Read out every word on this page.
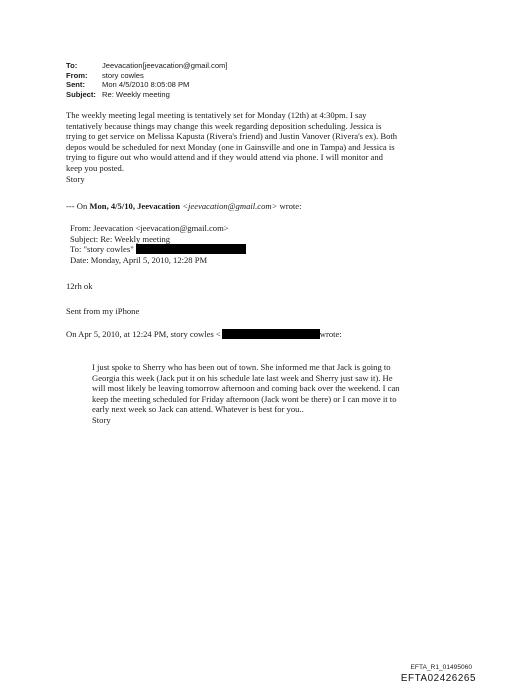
To:	Jeevacation[jeevacation@gmail.com]
From:	story cowles
Sent:	Mon 4/5/2010 8:05:08 PM
Subject: Re: Weekly meeting
The weekly meeting legal meeting is tentatively set for Monday (12th) at 4:30pm. I say
tentatively because things may change this week regarding deposition scheduling. Jessica is
trying to get service on Melissa Kapusta (Rivera's friend) and Justin Vanover (Rivera's ex). Both
depos would be scheduled for next Monday (one in Gainsville and one in Tampa) and Jessica is
trying to figure out who would attend and if they would attend via phone. I will monitor and
keep you posted.
Story
--- On Mon, 4/5/10, Jeevacation <jeevacation@gmail.com> wrote:
From: Jeevacation <jeevacation@gmail.com>
Subject: Re: Weekly meeting
To: "story cowles"
Date: Monday, April 5, 2010, 12:28 PM
12rh ok
Sent from my iPhone
On Apr 5, 2010, at 12:24 PM, story cowles <	wrote:
I just spoke to Sherry who has been out of town. She informed me that Jack is going to
Georgia this week (Jack put it on his schedule late last week and Sherry just saw it). He
will most likely be leaving tomorrow afternoon and coming back over the weekend. I can
keep the meeting scheduled for Friday afternoon (Jack wont be there) or I can move it to
early next week so Jack can attend. Whatever is best for you..
Story
EFTA_R1_01495060
EFTA02426265
